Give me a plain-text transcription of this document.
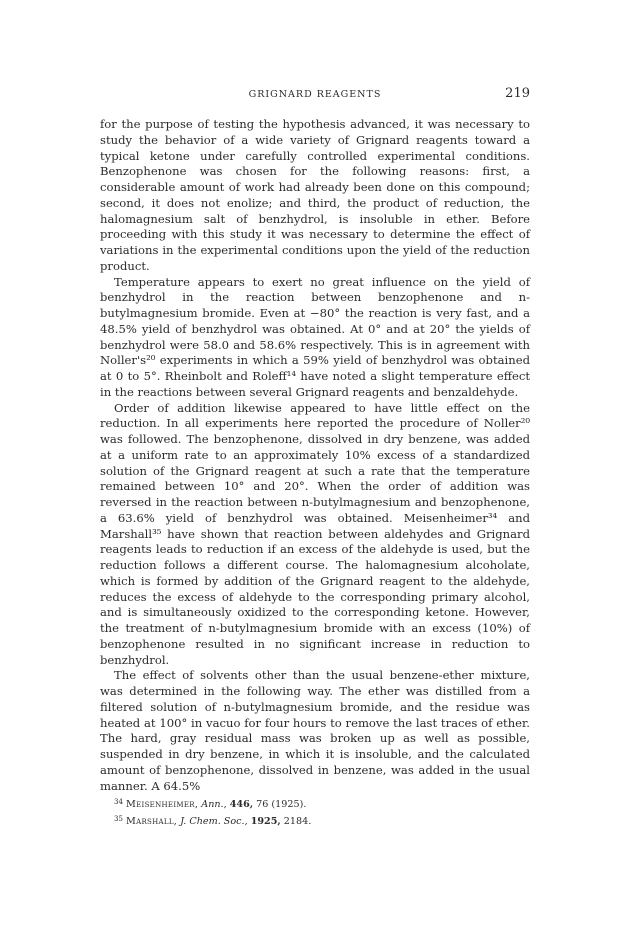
GRIGNARD REAGENTS	219

for the purpose of testing the hypothesis advanced, it was necessary to study the behavior of a wide variety of Grignard reagents toward a typical ketone under carefully controlled experimental conditions. Benzophenone was chosen for the following reasons: first, a considerable amount of work had already been done on this compound; second, it does not enolize; and third, the product of reduction, the halomagnesium salt of benzhydrol, is insoluble in ether. Before proceeding with this study it was necessary to determine the effect of variations in the experimental conditions upon the yield of the reduction product.

Temperature appears to exert no great influence on the yield of benzhydrol in the reaction between benzophenone and n-butylmagnesium bromide. Even at −80° the reaction is very fast, and a 48.5% yield of benzhydrol was obtained. At 0° and at 20° the yields of benzhydrol were 58.0 and 58.6% respectively. This is in agreement with Noller's²⁰ experiments in which a 59% yield of benzhydrol was obtained at 0 to 5°. Rheinbolt and Roleff¹⁴ have noted a slight temperature effect in the reactions between several Grignard reagents and benzaldehyde.

Order of addition likewise appeared to have little effect on the reduction. In all experiments here reported the procedure of Noller²⁰ was followed. The benzophenone, dissolved in dry benzene, was added at a uniform rate to an approximately 10% excess of a standardized solution of the Grignard reagent at such a rate that the temperature remained between 10° and 20°. When the order of addition was reversed in the reaction between n-butylmagnesium and benzophenone, a 63.6% yield of benzhydrol was obtained. Meisenheimer³⁴ and Marshall³⁵ have shown that reaction between aldehydes and Grignard reagents leads to reduction if an excess of the aldehyde is used, but the reduction follows a different course. The halomagnesium alcoholate, which is formed by addition of the Grignard reagent to the aldehyde, reduces the excess of aldehyde to the corresponding primary alcohol, and is simultaneously oxidized to the corresponding ketone. However, the treatment of n-butylmagnesium bromide with an excess (10%) of benzophenone resulted in no significant increase in reduction to benzhydrol.

The effect of solvents other than the usual benzene-ether mixture, was determined in the following way. The ether was distilled from a filtered solution of n-butylmagnesium bromide, and the residue was heated at 100° in vacuo for four hours to remove the last traces of ether. The hard, gray residual mass was broken up as well as possible, suspended in dry benzene, in which it is insoluble, and the calculated amount of benzophenone, dissolved in benzene, was added in the usual manner. A 64.5%

$^{34}$ Meisenheimer, Ann., 446, 76 (1925).

$^{35}$ Marshall, J. Chem. Soc., 1925, 2184.
